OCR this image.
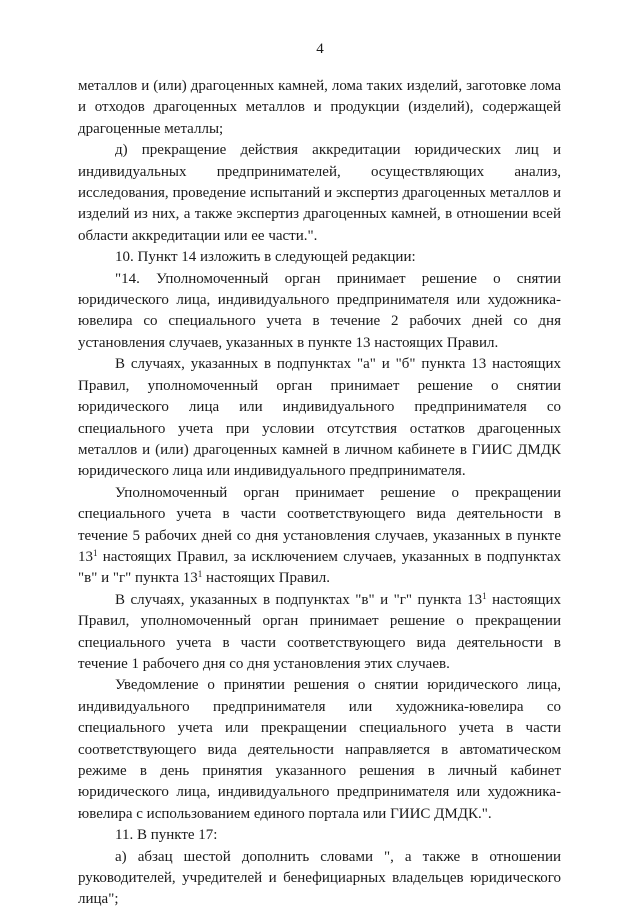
4

металлов и (или) драгоценных камней, лома таких изделий, заготовке лома и отходов драгоценных металлов и продукции (изделий), содержащей драгоценные металлы;

д) прекращение действия аккредитации юридических лиц и индивидуальных предпринимателей, осуществляющих анализ, исследования, проведение испытаний и экспертиз драгоценных металлов и изделий из них, а также экспертиз драгоценных камней, в отношении всей области аккредитации или ее части.".

10. Пункт 14 изложить в следующей редакции:

"14. Уполномоченный орган принимает решение о снятии юридического лица, индивидуального предпринимателя или художника-ювелира со специального учета в течение 2 рабочих дней со дня установления случаев, указанных в пункте 13 настоящих Правил.

В случаях, указанных в подпунктах "а" и "б" пункта 13 настоящих Правил, уполномоченный орган принимает решение о снятии юридического лица или индивидуального предпринимателя со специального учета при условии отсутствия остатков драгоценных металлов и (или) драгоценных камней в личном кабинете в ГИИС ДМДК юридического лица или индивидуального предпринимателя.

Уполномоченный орган принимает решение о прекращении специального учета в части соответствующего вида деятельности в течение 5 рабочих дней со дня установления случаев, указанных в пункте $13^1$ настоящих Правил, за исключением случаев, указанных в подпунктах "в" и "г" пункта $13^1$ настоящих Правил.

В случаях, указанных в подпунктах "в" и "г" пункта $13^1$ настоящих Правил, уполномоченный орган принимает решение о прекращении специального учета в части соответствующего вида деятельности в течение 1 рабочего дня со дня установления этих случаев.

Уведомление о принятии решения о снятии юридического лица, индивидуального предпринимателя или художника-ювелира со специального учета или прекращении специального учета в части соответствующего вида деятельности направляется в автоматическом режиме в день принятия указанного решения в личный кабинет юридического лица, индивидуального предпринимателя или художника-ювелира с использованием единого портала или ГИИС ДМДК.".

11. В пункте 17:

а) абзац шестой дополнить словами ", а также в отношении руководителей, учредителей и бенефициарных владельцев юридического лица";
